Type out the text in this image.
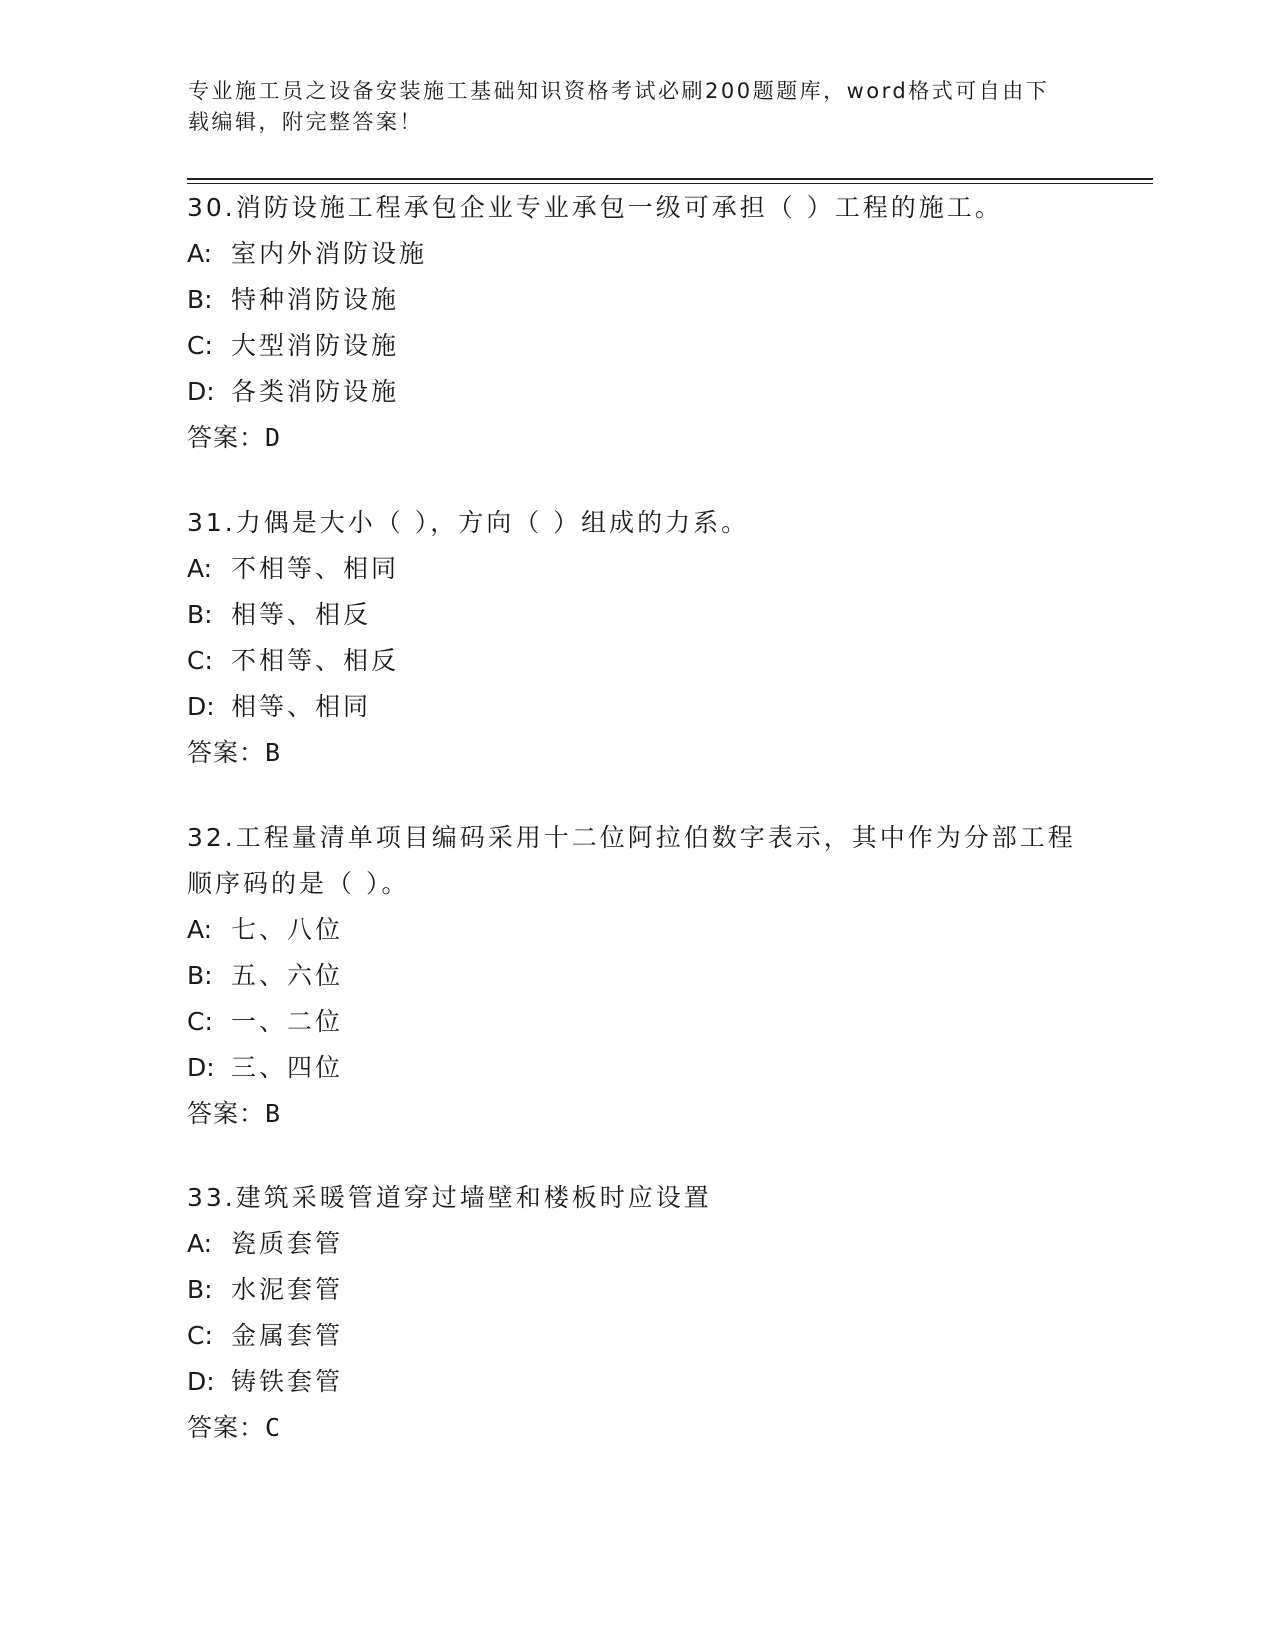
专业施工员之设备安装施工基础知识资格考试必刷200题题库，word格式可自由下载编辑，附完整答案！

30.消防设施工程承包企业专业承包一级可承担（ ）工程的施工。

A: 室内外消防设施

B: 特种消防设施

C: 大型消防设施

D: 各类消防设施

答案：D

31.力偶是大小（ ），方向（ ）组成的力系。

A: 不相等、相同

B: 相等、相反

C: 不相等、相反

D: 相等、相同

答案：B

32.工程量清单项目编码采用十二位阿拉伯数字表示，其中作为分部工程顺序码的是（ ）。

A: 七、八位

B: 五、六位

C: 一、二位

D: 三、四位

答案：B

33.建筑采暖管道穿过墙壁和楼板时应设置

A: 瓷质套管

B: 水泥套管

C: 金属套管

D: 铸铁套管

答案：C
